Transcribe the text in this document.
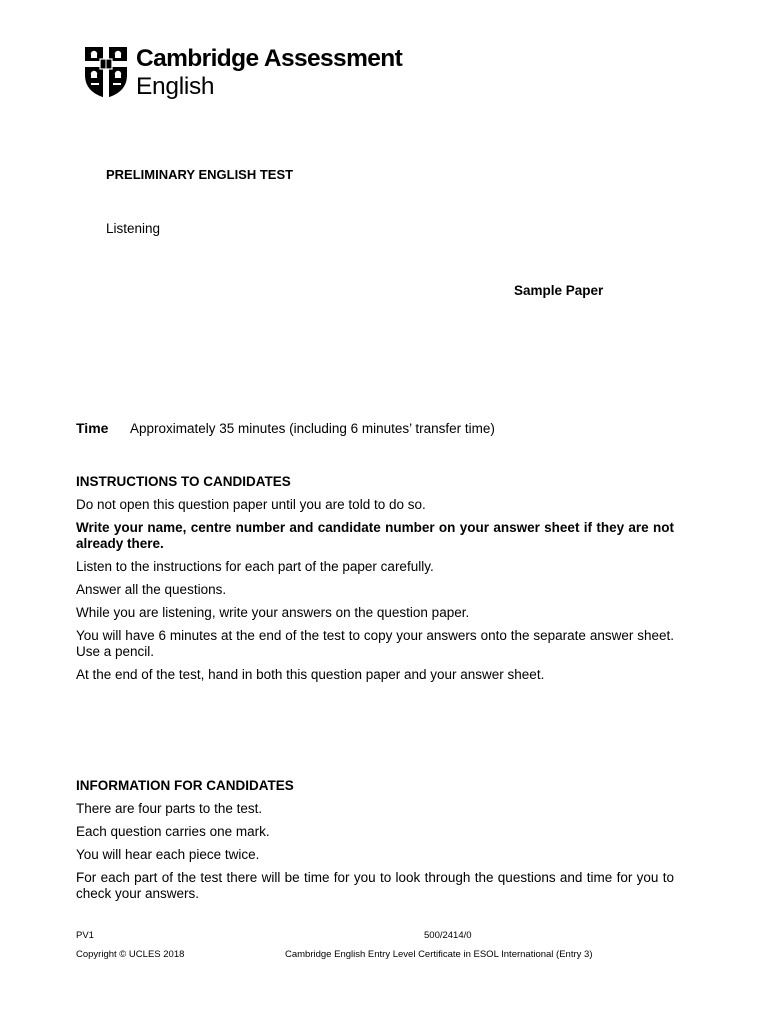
Cambridge Assessment
English
PRELIMINARY ENGLISH TEST
Listening
Sample Paper
Time Approximately 35 minutes (including 6 minutes’ transfer time)
INSTRUCTIONS TO CANDIDATES

Do not open this question paper until you are told to do so.

Write your name, centre number and candidate number on your answer sheet if they are not already there.

Listen to the instructions for each part of the paper carefully.

Answer all the questions.

While you are listening, write your answers on the question paper.

You will have 6 minutes at the end of the test to copy your answers onto the separate answer sheet. Use a pencil.

At the end of the test, hand in both this question paper and your answer sheet.

INFORMATION FOR CANDIDATES

There are four parts to the test.

Each question carries one mark.

You will hear each piece twice.

For each part of the test there will be time for you to look through the questions and time for you to check your answers.

PV1	500/2414/0
Copyright © UCLES 2018	Cambridge English Entry Level Certificate in ESOL International (Entry 3)
